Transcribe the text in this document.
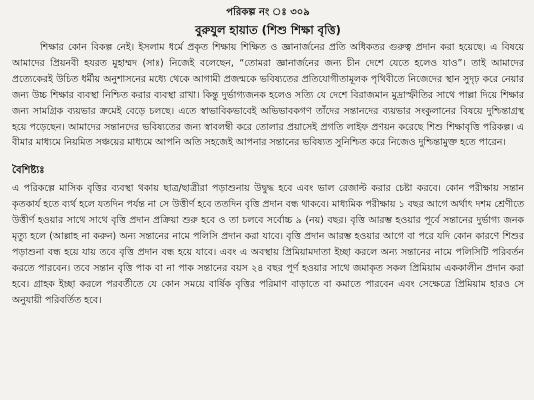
পরিকল্প নং ঃ ৩০৯
বুরুযুল হায়াত (শিশু শিক্ষা বৃত্তি)

শিক্ষার কোন বিকল্প নেই। ইসলাম ধর্মে প্রকৃত শিক্ষায় শিক্ষিত ও জ্ঞানার্জনের প্রতি অধিকতর গুরুত্ব প্রদান করা হয়েছে। এ বিষয়ে আমাদের প্রিয়নবী হযরত মুহাম্মদ (সাঃ) নিজেই বলেছেন, “তোমরা জ্ঞানার্জনের জন্য চীন দেশে যেতে হলেও যাও”। তাই আমাদের প্রত্যেকেরই উচিত ধর্মীয় অনুশাসনের মধ্যে থেকে আগামী প্রজন্মকে ভবিষ্যতের প্রতিযোগীতামূলক পৃথিবীতে নিজেদের স্থান সুদৃঢ় করে নেয়ার জন্য উচ্চ শিক্ষার ব্যবস্থা নিশ্চিত করার ব্যবস্থা রাখা। কিন্তু দুর্ভাগ্যজনক হলেও সত্যি যে দেশে বিরাজমান মুদ্রাস্ফীতির সাথে পাল্লা দিয়ে শিক্ষার জন্য সামগ্রিক ব্যয়ভার ক্রমেই বেড়ে চলছে। এতে স্বাভাবিকভাবেই অভিভাবকগণ তাঁদের সন্তানদের ব্যয়ভার সংকুলানের বিষয়ে দুশ্চিন্তাগ্রস্থ হয়ে পড়েছেন। আমাদের সন্তানদের ভবিষ্যতের জন্য স্বাবলম্বী করে তোলার প্রয়াসেই প্রগতি লাইফ প্রণয়ন করেছে শিশু শিক্ষাবৃত্তি পরিকল্প। এ বীমার মাধ্যমে নিয়মিত সঞ্চয়ের মাধ্যমে আপনি অতি সহজেই আপনার সন্তানের ভবিষ্যত সুনিশ্চিত করে নিজেও দুশ্চিন্তামুক্ত হতে পারেন।

বৈশিষ্ট্যঃ

এ পরিকল্পে মাসিক বৃত্তির ব্যবস্থা থকায় ছাত্র/ছাত্রীরা পড়াশুনায় উদ্বুদ্ধ হবে এবং ভাল রেজাল্ট করার চেষ্টা করবে। কোন পরীক্ষায় সন্তান কৃতকার্য হতে ব্যর্থ হলে যতদিন পর্যন্ত না সে উত্তীর্ণ হবে ততদিন বৃত্তি প্রদান বন্ধ থাকবে। মাধ্যমিক পরীক্ষায় ১ বছর আগে অর্থাৎ দশম শ্রেণীতে উত্তীর্ণ হওয়ার সাথে সাথে বৃত্তি প্রদান প্রক্রিয়া শুরু হবে ও তা চলবে সর্বোচ্চ ৯ (নয়) বছর। বৃত্তি আরম্ভ হওয়ার পূর্বে সন্তানের দুর্ভাগ্য জনক মৃত্যু হলে (আল্লাহ না করুন) অন্য সন্তানের নামে পলিসি প্রদান করা যাবে। বৃত্তি প্রদান আরম্ভ হওয়ার আগে বা পরে যদি কোন কারণে শিশুর পড়াশুনা বন্ধ হয়ে যায় তবে বৃত্তি প্রদান বন্ধ হয়ে যাবে। এবং এ অবস্থায় প্রিমিয়ামদাতা ইচ্ছা করলে অন্য সন্তানের নামে পলিসিটি পরিবর্তন করতে পারবেন। তবে সন্তান বৃত্তি পাক বা না পাক সন্তানের বয়স ২৪ বছর পূর্ণ হওয়ার সাথে জমাকৃত সকল প্রিমিয়াম এককালীন প্রদান করা হবে। গ্রাহক ইচ্ছা করলে পরবর্তীতে যে কোন সময়ে বার্ষিক বৃত্তির পরিমাণ বাড়াতে বা কমাতে পারবেন এবং সেক্ষেত্রে প্রিমিয়াম হারও সে অনুযায়ী পরিবর্তিত হবে।
